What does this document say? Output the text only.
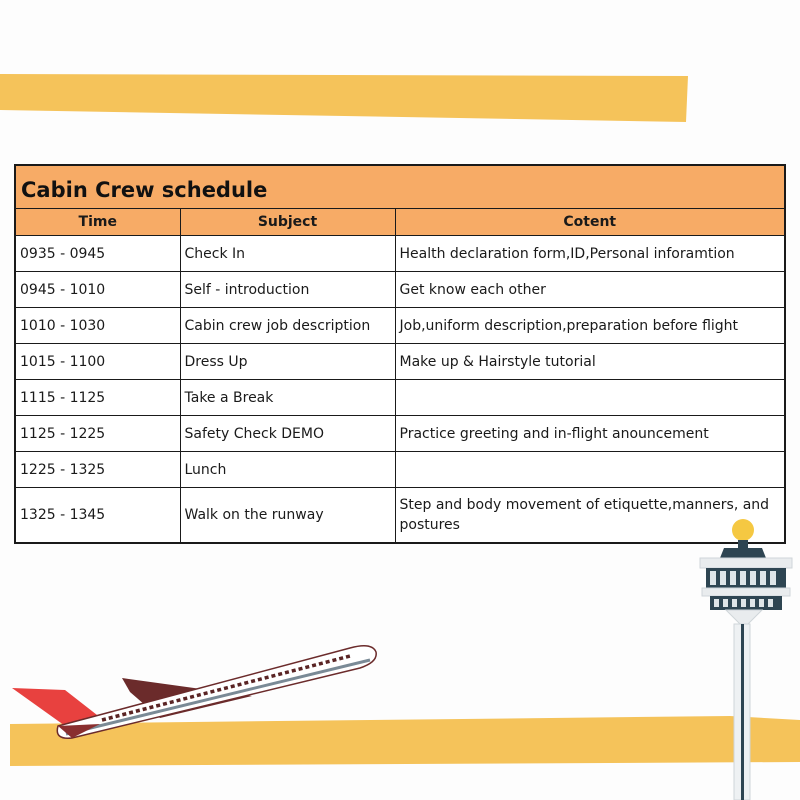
Cabin Crew schedule
Time	Subject	Cotent
0935 - 0945	Check In	Health declaration form,ID,Personal inforamtion
0945 - 1010	Self - introduction	Get know each other
1010 - 1030	Cabin crew job description	Job,uniform description,preparation before flight
1015 - 1100	Dress Up	Make up & Hairstyle tutorial
1115 - 1125	Take a Break	
1125 - 1225	Safety Check DEMO	Practice greeting and in-flight anouncement
1225 - 1325	Lunch	
1325 - 1345	Walk on the runway	Step and body movement of etiquette,manners, and postures
